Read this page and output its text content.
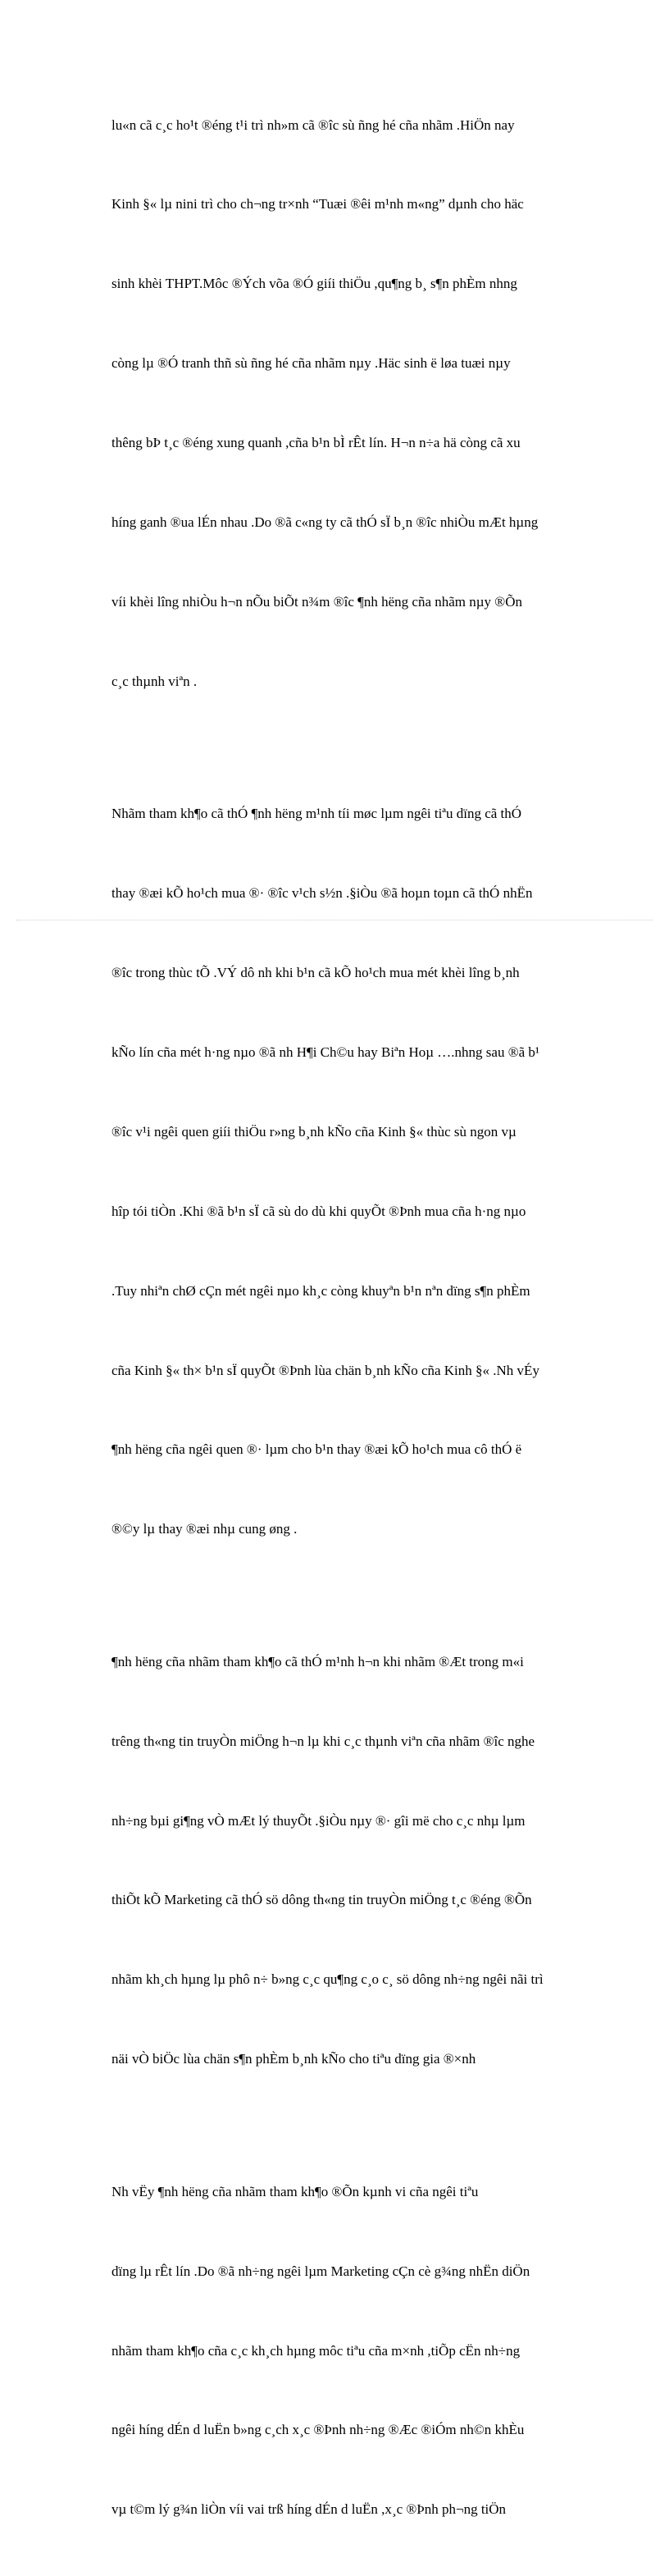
lu«n cã c¸c ho¹t ®éng t¹i trì nh»m cã ®îc sù ñng hé cña nhãm .HiÖn nay

Kinh §« lµ nini trì cho ch¬ng tr×nh “Tuæi ®êi m¹nh m«ng” dµnh cho häc

sinh khèi THPT.Môc ®Ých võa ®Ó giíi thiÖu ,qu¶ng b¸ s¶n phÈm nhng

còng lµ ®Ó tranh thñ sù ñng hé cña nhãm nµy .Häc sinh ë løa tuæi nµy

thêng bÞ t¸c ®éng xung quanh ,cña b¹n bÌ rÊt lín. H¬n n÷a hä còng cã xu

híng ganh ®ua lÉn nhau .Do ®ã c«ng ty cã thÓ sÏ b¸n ®îc nhiÒu mÆt hµng

víi khèi lîng nhiÒu h¬n nÕu biÕt n¾m ®îc ¶nh hëng cña nhãm nµy ®Õn

c¸c thµnh viªn .

Nhãm tham kh¶o cã thÓ ¶nh hëng m¹nh tíi møc lµm ngêi tiªu dïng cã thÓ

thay ®æi kÕ ho¹ch mua ®· ®îc v¹ch s½n .§iÒu ®ã hoµn toµn cã thÓ nhËn

®îc trong thùc tÕ .VÝ dô nh khi b¹n cã kÕ ho¹ch mua mét khèi lîng b¸nh

kÑo lín cña mét h·ng nµo ®ã nh H¶i Ch©u hay Biªn Hoµ ….nhng sau ®ã b¹

®îc v¹i ngêi quen giíi thiÖu r»ng b¸nh kÑo cña Kinh §« thùc sù ngon vµ

hîp tói tiÒn .Khi ®ã b¹n sÏ cã sù do dù khi quyÕt ®Þnh mua cña h·ng nµo

.Tuy nhiªn chØ cÇn mét ngêi nµo kh¸c còng khuyªn b¹n nªn dïng s¶n phÈm

cña Kinh §« th× b¹n sÏ quyÕt ®Þnh lùa chän b¸nh kÑo cña Kinh §« .Nh vÉy

¶nh hëng cña ngêi quen ®· lµm cho b¹n thay ®æi kÕ ho¹ch mua cô thÓ ë

®©y lµ thay ®æi nhµ cung øng .

¶nh hëng cña nhãm tham kh¶o cã thÓ m¹nh h¬n khi nhãm ®Æt trong m«i

trêng th«ng tin truyÒn miÖng h¬n lµ khi c¸c thµnh viªn cña nhãm ®îc nghe

nh÷ng bµi gi¶ng vÒ mÆt lý thuyÕt .§iÒu nµy ®· gîi më cho c¸c nhµ lµm

thiÕt kÕ Marketing cã thÓ sö dông th«ng tin truyÒn miÖng t¸c ®éng ®Õn

nhãm kh¸ch hµng lµ phô n÷ b»ng c¸c qu¶ng c¸o c¸ sö dông nh÷ng ngêi nãi trì

näi vÒ biÖc lùa chän s¶n phÈm b¸nh kÑo cho tiªu dïng gia ®×nh

Nh vËy ¶nh hëng cña nhãm tham kh¶o ®Õn kµnh vi cña ngêi tiªu

dïng lµ rÊt lín .Do ®ã nh÷ng ngêi lµm Marketing cÇn cè g¾ng nhËn diÖn

nhãm tham kh¶o cña c¸c kh¸ch hµng môc tiªu cña m×nh ,tiÕp cËn nh÷ng

ngêi híng dÉn d luËn b»ng c¸ch x¸c ®Þnh nh÷ng ®Æc ®iÓm nh©n khÈu

vµ t©m lý g¾n liÒn víi vai trß híng dÉn d luËn ,x¸c ®Þnh ph¬ng tiÖn
